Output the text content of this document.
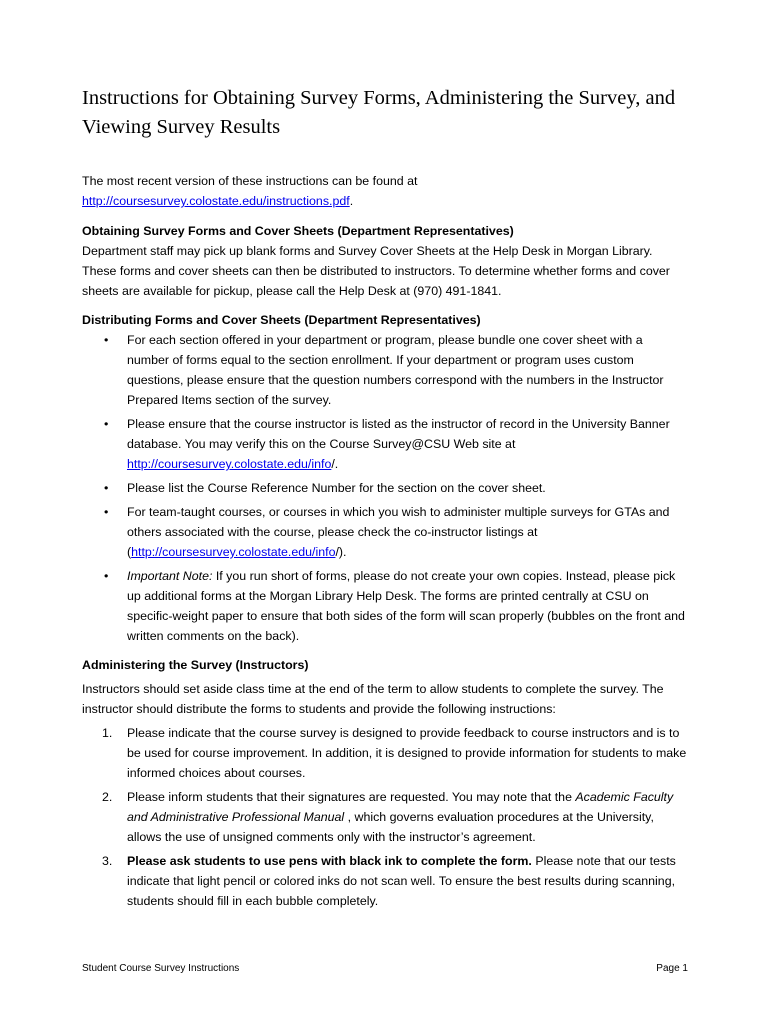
Instructions for Obtaining Survey Forms, Administering the Survey, and Viewing Survey Results

The most recent version of these instructions can be found at
http://coursesurvey.colostate.edu/instructions.pdf.

Obtaining Survey Forms and Cover Sheets (Department Representatives)

Department staff may pick up blank forms and Survey Cover Sheets at the Help Desk in Morgan Library. These forms and cover sheets can then be distributed to instructors. To determine whether forms and cover sheets are available for pickup, please call the Help Desk at (970) 491-1841.

Distributing Forms and Cover Sheets (Department Representatives)
• For each section offered in your department or program, please bundle one cover sheet with a number of forms equal to the section enrollment. If your department or program uses custom questions, please ensure that the question numbers correspond with the numbers in the Instructor Prepared Items section of the survey.
• Please ensure that the course instructor is listed as the instructor of record in the University Banner database. You may verify this on the Course Survey@CSU Web site at
http://coursesurvey.colostate.edu/info/.
• Please list the Course Reference Number for the section on the cover sheet.
• For team-taught courses, or courses in which you wish to administer multiple surveys for GTAs and others associated with the course, please check the co-instructor listings at
(http://coursesurvey.colostate.edu/info/).
• Important Note: If you run short of forms, please do not create your own copies. Instead, please pick up additional forms at the Morgan Library Help Desk. The forms are printed centrally at CSU on specific-weight paper to ensure that both sides of the form will scan properly (bubbles on the front and written comments on the back).
Administering the Survey (Instructors)

Instructors should set aside class time at the end of the term to allow students to complete the survey. The instructor should distribute the forms to students and provide the following instructions:

1. Please indicate that the course survey is designed to provide feedback to course instructors and is to be used for course improvement. In addition, it is designed to provide information for students to make informed choices about courses.
2. Please inform students that their signatures are requested. You may note that the Academic Faculty and Administrative Professional Manual , which governs evaluation procedures at the University, allows the use of unsigned comments only with the instructor’s agreement.
3. Please ask students to use pens with black ink to complete the form. Please note that our tests indicate that light pencil or colored inks do not scan well. To ensure the best results during scanning, students should fill in each bubble completely.
Student Course Survey Instructions	Page 1
